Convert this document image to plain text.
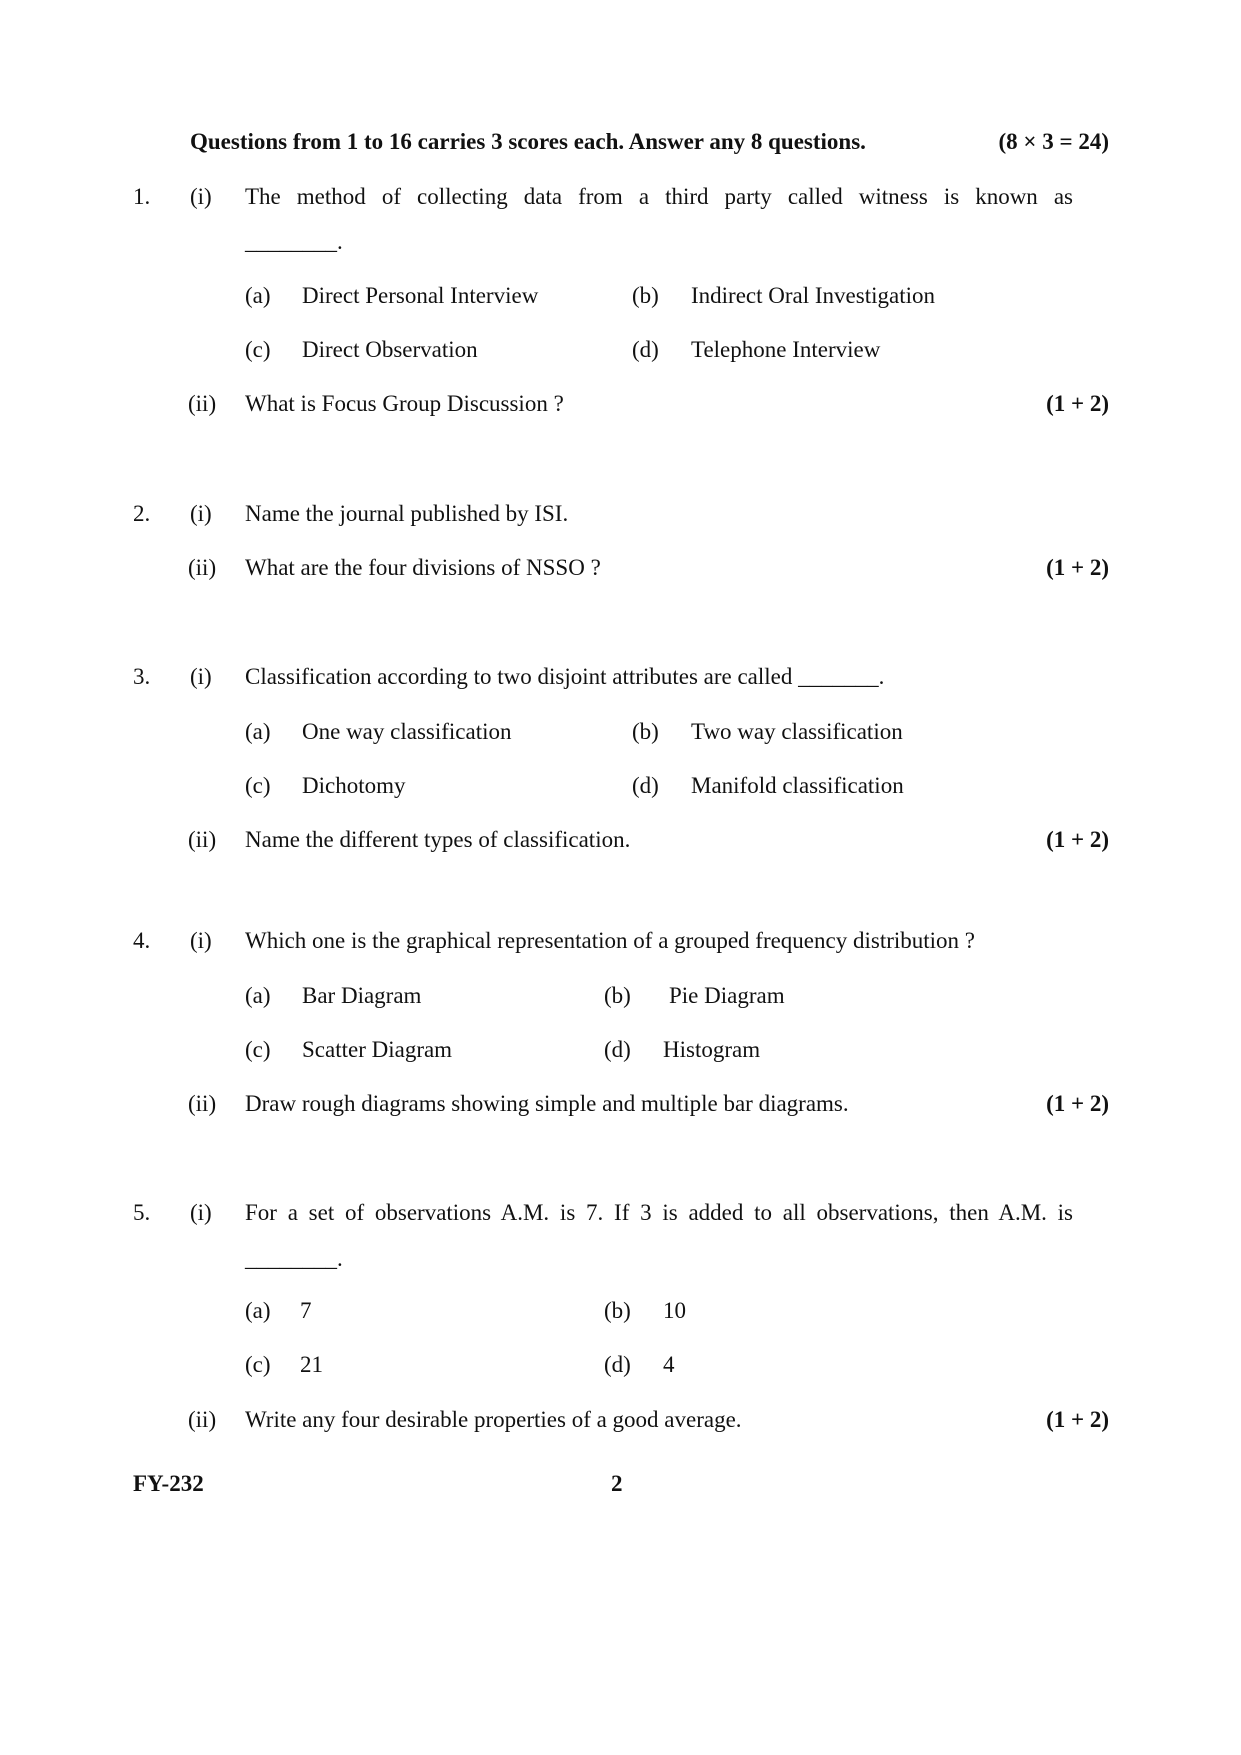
Questions from 1 to 16 carries 3 scores each. Answer any 8 questions.	(8 × 3 = 24)
1. (i) The method of collecting data from a third party called witness is known as
________.
(a) Direct Personal Interview	(b) Indirect Oral Investigation
(c) Direct Observation	(d) Telephone Interview
(ii) What is Focus Group Discussion ?	(1 + 2)
2. (i) Name the journal published by ISI.
(ii) What are the four divisions of NSSO ?	(1 + 2)
3. (i) Classification according to two disjoint attributes are called _______.
(a) One way classification	(b) Two way classification
(c) Dichotomy	(d) Manifold classification
(ii) Name the different types of classification.	(1 + 2)
4. (i) Which one is the graphical representation of a grouped frequency distribution ?
(a) Bar Diagram	(b) Pie Diagram
(c) Scatter Diagram	(d) Histogram
(ii) Draw rough diagrams showing simple and multiple bar diagrams.	(1 + 2)
5. (i) For a set of observations A.M. is 7. If 3 is added to all observations, then A.M. is
________.
(a) 7	(b) 10
(c) 21	(d) 4
(ii) Write any four desirable properties of a good average.	(1 + 2)
FY-232	2
